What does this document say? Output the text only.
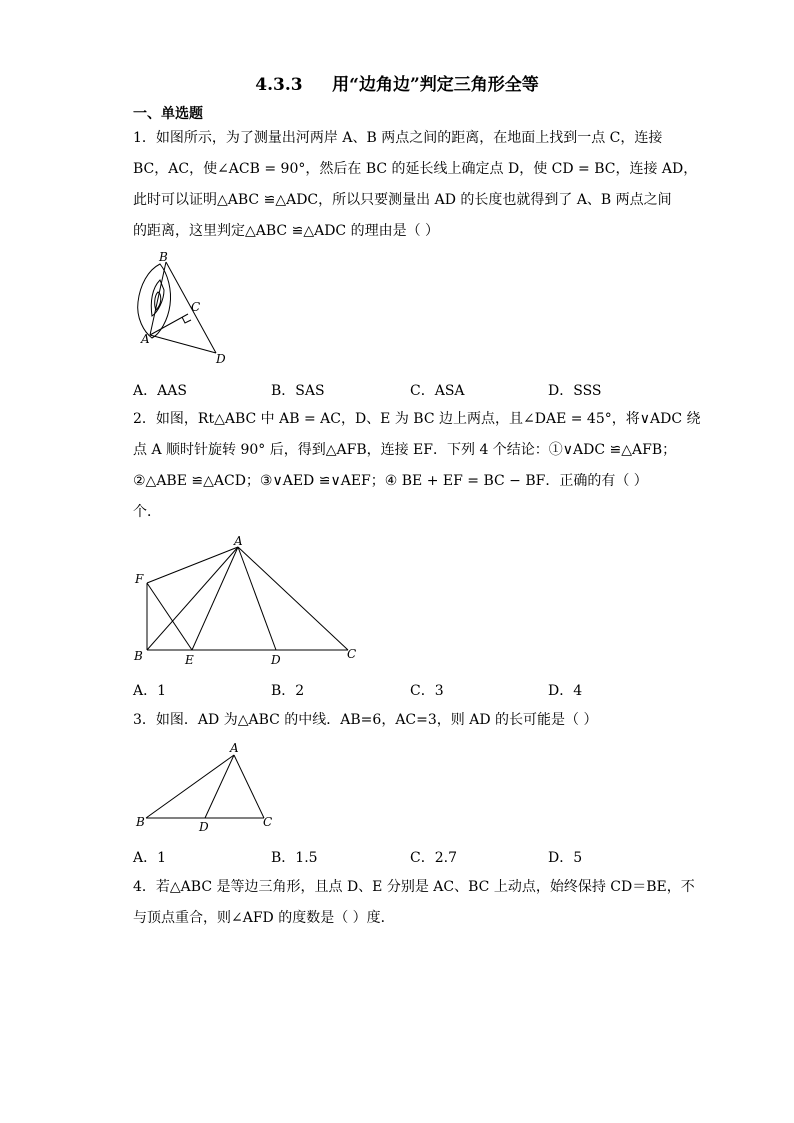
4.3.3     用“边角边”判定三角形全等
一、单选题
1．如图所示，为了测量出河两岸 A、B 两点之间的距离，在地面上找到一点 C，连接
BC，AC，使∠ACB = 90°，然后在 BC 的延长线上确定点 D，使 CD = BC，连接 AD，
此时可以证明△ABC ≌△ADC，所以只要测量出 AD 的长度也就得到了 A、B 两点之间
的距离，这里判定△ABC ≌△ADC 的理由是（ ）
B
C
A
D
A．AAS	B．SAS	C．ASA	D．SSS
2．如图，Rt△ABC 中 AB = AC，D、E 为 BC 边上两点，且∠DAE = 45°，将∨ADC 绕
点 A 顺时针旋转 90° 后，得到△AFB，连接 EF．下列 4 个结论：①∨ADC ≌△AFB；
②△ABE ≌△ACD；③∨AED ≌∨AEF；④ BE + EF = BC − BF．正确的有（ ）
个．
A
F
B	E	D	C
A．1	B．2	C．3	D．4
3．如图．AD 为△ABC 的中线．AB=6，AC=3，则 AD 的长可能是（ ）
A
B	D	C
A．1	B．1.5	C．2.7	D．5
4．若△ABC 是等边三角形，且点 D、E 分别是 AC、BC 上动点，始终保持 CD＝BE，不
与顶点重合，则∠AFD 的度数是（ ）度．
